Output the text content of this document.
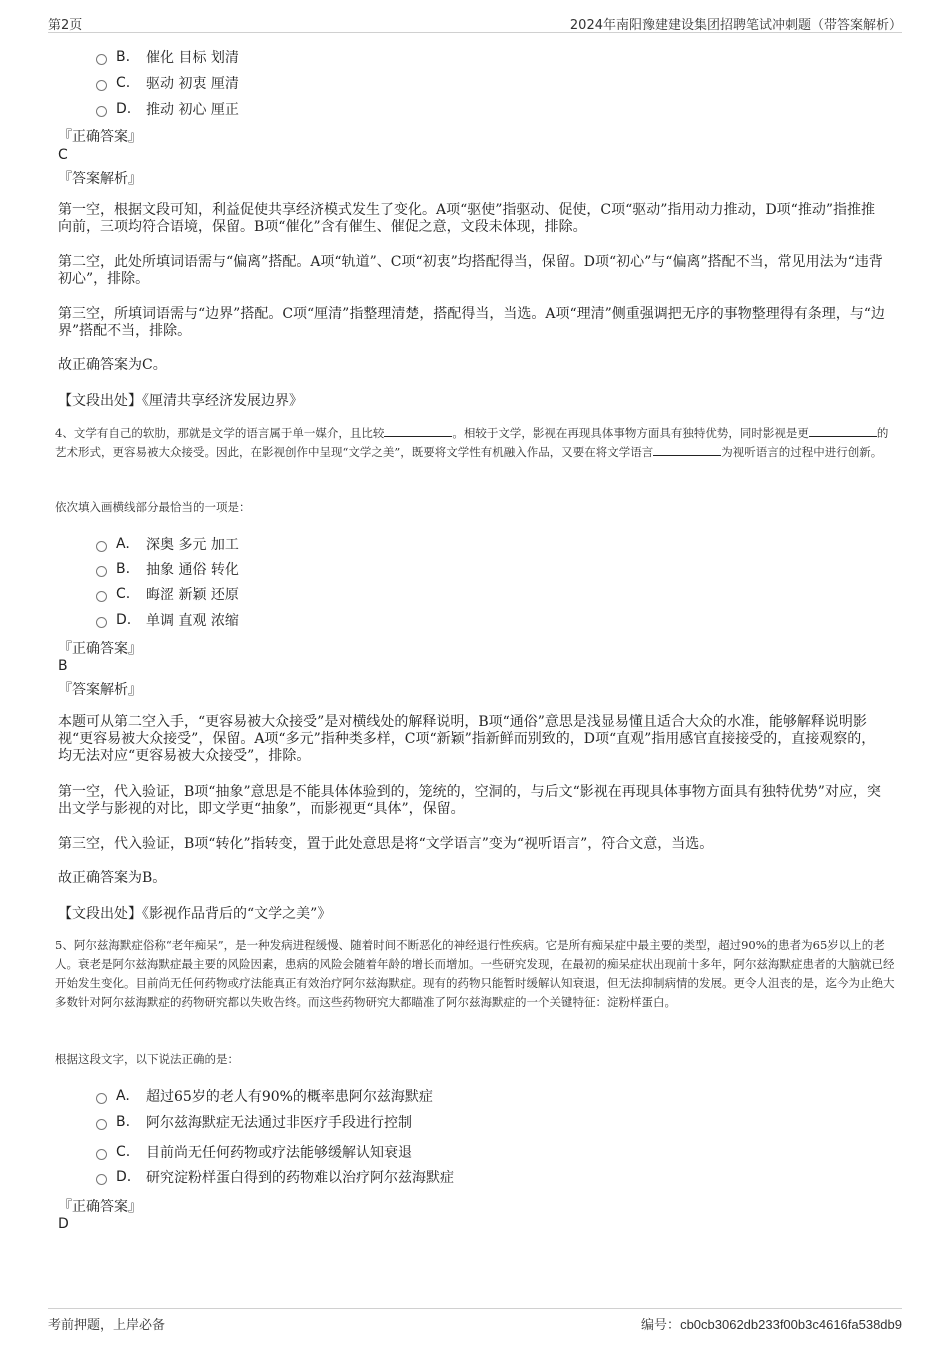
第2页	2024年南阳豫建建设集团招聘笔试冲刺题（带答案解析）
B.	催化 目标 划清
C.	驱动 初衷 厘清
D.	推动 初心 厘正
『正确答案』
C
『答案解析』
第一空，根据文段可知，利益促使共享经济模式发生了变化。A项“驱使”指驱动、促使，C项“驱动”指用动力推动，D项“推动”指推推向前，三项均符合语境，保留。B项“催化”含有催生、催促之意，文段未体现，排除。
第二空，此处所填词语需与“偏离”搭配。A项“轨道”、C项“初衷”均搭配得当，保留。D项“初心”与“偏离”搭配不当，常见用法为“违背初心”，排除。
第三空，所填词语需与“边界”搭配。C项“厘清”指整理清楚，搭配得当，当选。A项“理清”侧重强调把无序的事物整理得有条理，与“边界”搭配不当，排除。
故正确答案为C。
【文段出处】《厘清共享经济发展边界》
4、文学有自己的软肋，那就是文学的语言属于单一媒介，且比较	。相较于文学，影视在再现具体事物方面具有独特优势，同时影视是更	的艺术形式，更容易被大众接受。因此，在影视创作中呈现“文学之美”，既要将文学性有机融入作品，又要在将文学语言	为视听语言的过程中进行创新。
依次填入画横线部分最恰当的一项是：
A.	深奥 多元 加工
B.	抽象 通俗 转化
C.	晦涩 新颖 还原
D.	单调 直观 浓缩
『正确答案』
B
『答案解析』
本题可从第二空入手，“更容易被大众接受”是对横线处的解释说明，B项“通俗”意思是浅显易懂且适合大众的水准，能够解释说明影视“更容易被大众接受”，保留。A项“多元”指种类多样，C项“新颖”指新鲜而别致的，D项“直观”指用感官直接接受的，直接观察的，均无法对应“更容易被大众接受”，排除。
第一空，代入验证，B项“抽象”意思是不能具体体验到的，笼统的，空洞的，与后文“影视在再现具体事物方面具有独特优势”对应，突出文学与影视的对比，即文学更“抽象”，而影视更“具体”，保留。
第三空，代入验证，B项“转化”指转变，置于此处意思是将“文学语言”变为“视听语言”，符合文意，当选。
故正确答案为B。
【文段出处】《影视作品背后的“文学之美”》
5、阿尔兹海默症俗称“老年痴呆”，是一种发病进程缓慢、随着时间不断恶化的神经退行性疾病。它是所有痴呆症中最主要的类型，超过90%的患者为65岁以上的老人。衰老是阿尔兹海默症最主要的风险因素，患病的风险会随着年龄的增长而增加。一些研究发现，在最初的痴呆症状出现前十多年，阿尔兹海默症患者的大脑就已经开始发生变化。目前尚无任何药物或疗法能真正有效治疗阿尔兹海默症。现有的药物只能暂时缓解认知衰退，但无法抑制病情的发展。更令人沮丧的是，迄今为止绝大多数针对阿尔兹海默症的药物研究都以失败告终。而这些药物研究大都瞄准了阿尔兹海默症的一个关键特征：淀粉样蛋白。
根据这段文字，以下说法正确的是：
A.	超过65岁的老人有90%的概率患阿尔兹海默症
B.	阿尔兹海默症无法通过非医疗手段进行控制
C.	目前尚无任何药物或疗法能够缓解认知衰退
D.	研究淀粉样蛋白得到的药物难以治疗阿尔兹海默症
『正确答案』
D
考前押题，上岸必备	编号：cb0cb3062db233f00b3c4616fa538db9
